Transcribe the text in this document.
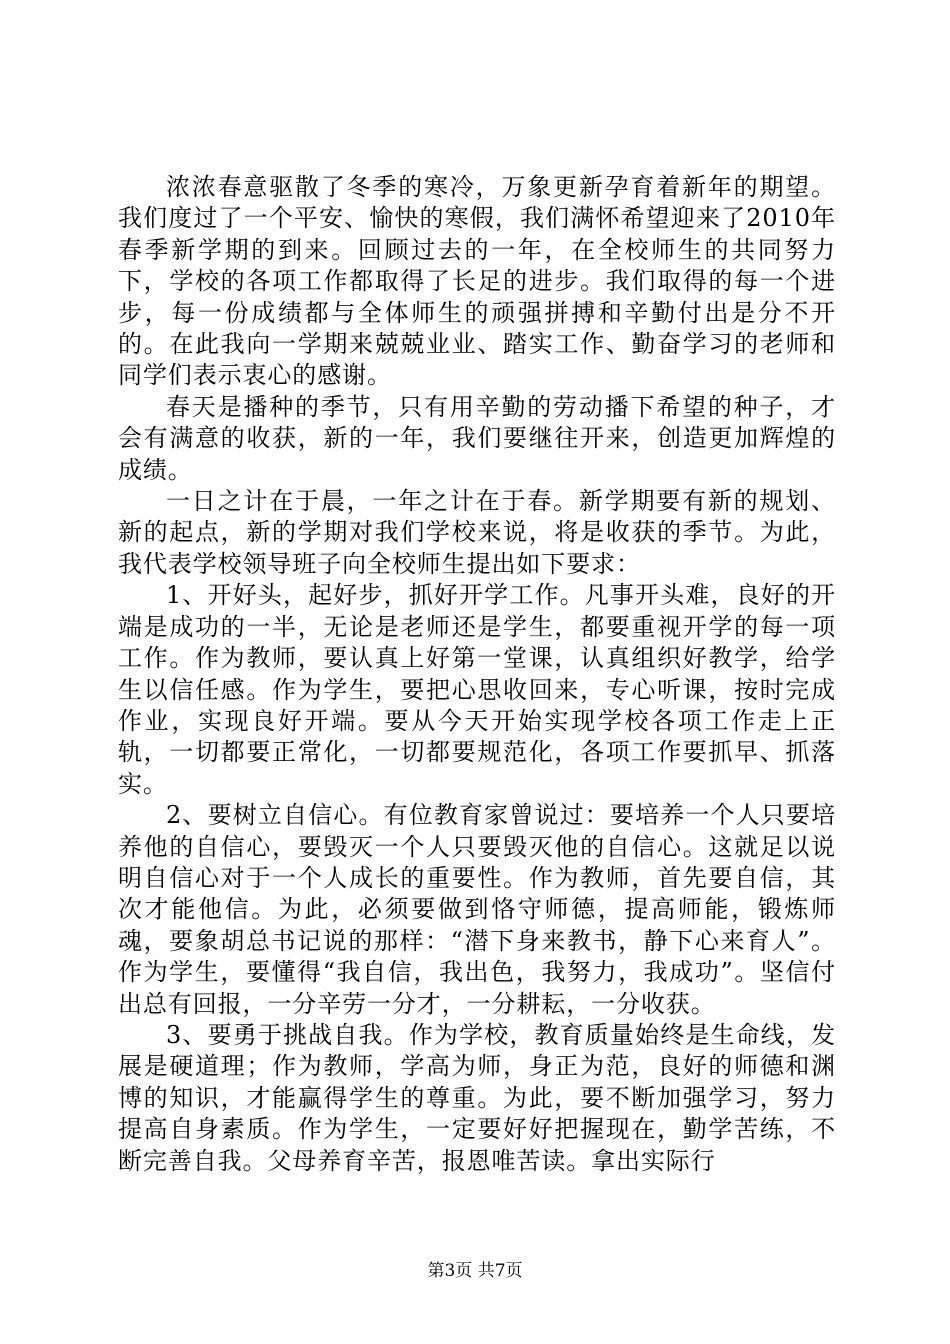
浓浓春意驱散了冬季的寒冷，万象更新孕育着新年的期望。我们度过了一个平安、愉快的寒假，我们满怀希望迎来了2010年春季新学期的到来。回顾过去的一年，在全校师生的共同努力下，学校的各项工作都取得了长足的进步。我们取得的每一个进步，每一份成绩都与全体师生的顽强拼搏和辛勤付出是分不开的。在此我向一学期来兢兢业业、踏实工作、勤奋学习的老师和同学们表示衷心的感谢。

春天是播种的季节，只有用辛勤的劳动播下希望的种子，才会有满意的收获，新的一年，我们要继往开来，创造更加辉煌的成绩。

一日之计在于晨，一年之计在于春。新学期要有新的规划、新的起点，新的学期对我们学校来说，将是收获的季节。为此，我代表学校领导班子向全校师生提出如下要求：

1、开好头，起好步，抓好开学工作。凡事开头难，良好的开端是成功的一半，无论是老师还是学生，都要重视开学的每一项工作。作为教师，要认真上好第一堂课，认真组织好教学，给学生以信任感。作为学生，要把心思收回来，专心听课，按时完成作业，实现良好开端。要从今天开始实现学校各项工作走上正轨，一切都要正常化，一切都要规范化，各项工作要抓早、抓落实。

2、要树立自信心。有位教育家曾说过：要培养一个人只要培养他的自信心，要毁灭一个人只要毁灭他的自信心。这就足以说明自信心对于一个人成长的重要性。作为教师，首先要自信，其次才能他信。为此，必须要做到恪守师德，提高师能，锻炼师魂，要象胡总书记说的那样：“潜下身来教书，静下心来育人”。作为学生，要懂得“我自信，我出色，我努力，我成功”。坚信付出总有回报，一分辛劳一分才，一分耕耘，一分收获。

3、要勇于挑战自我。作为学校，教育质量始终是生命线，发展是硬道理；作为教师，学高为师，身正为范，良好的师德和渊博的知识，才能赢得学生的尊重。为此，要不断加强学习，努力提高自身素质。作为学生，一定要好好把握现在，勤学苦练，不断完善自我。父母养育辛苦，报恩唯苦读。拿出实际行

第3页 共7页
